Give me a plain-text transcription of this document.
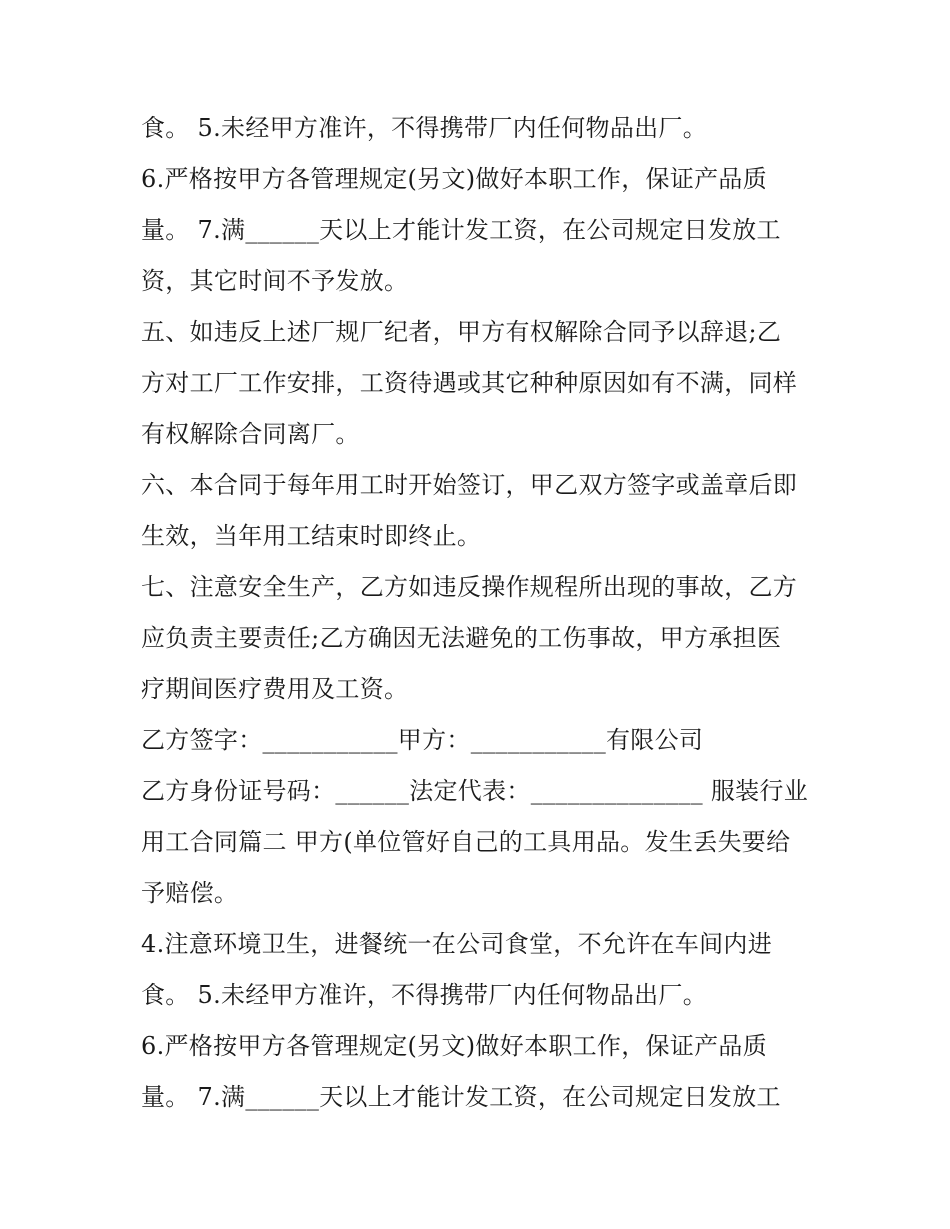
食。 5.未经甲方准许，不得携带厂内任何物品出厂。
6.严格按甲方各管理规定(另文)做好本职工作，保证产品质
量。 7.满______天以上才能计发工资，在公司规定日发放工
资，其它时间不予发放。
五、如违反上述厂规厂纪者，甲方有权解除合同予以辞退;乙
方对工厂工作安排，工资待遇或其它种种原因如有不满，同样
有权解除合同离厂。
六、本合同于每年用工时开始签订，甲乙双方签字或盖章后即
生效，当年用工结束时即终止。
七、注意安全生产，乙方如违反操作规程所出现的事故，乙方
应负责主要责任;乙方确因无法避免的工伤事故，甲方承担医
疗期间医疗费用及工资。
乙方签字：___________甲方：___________有限公司
乙方身份证号码：______法定代表：______________ 服装行业
用工合同篇二 甲方(单位管好自己的工具用品。发生丢失要给
予赔偿。
4.注意环境卫生，进餐统一在公司食堂，不允许在车间内进
食。 5.未经甲方准许，不得携带厂内任何物品出厂。
6.严格按甲方各管理规定(另文)做好本职工作，保证产品质
量。 7.满______天以上才能计发工资，在公司规定日发放工
